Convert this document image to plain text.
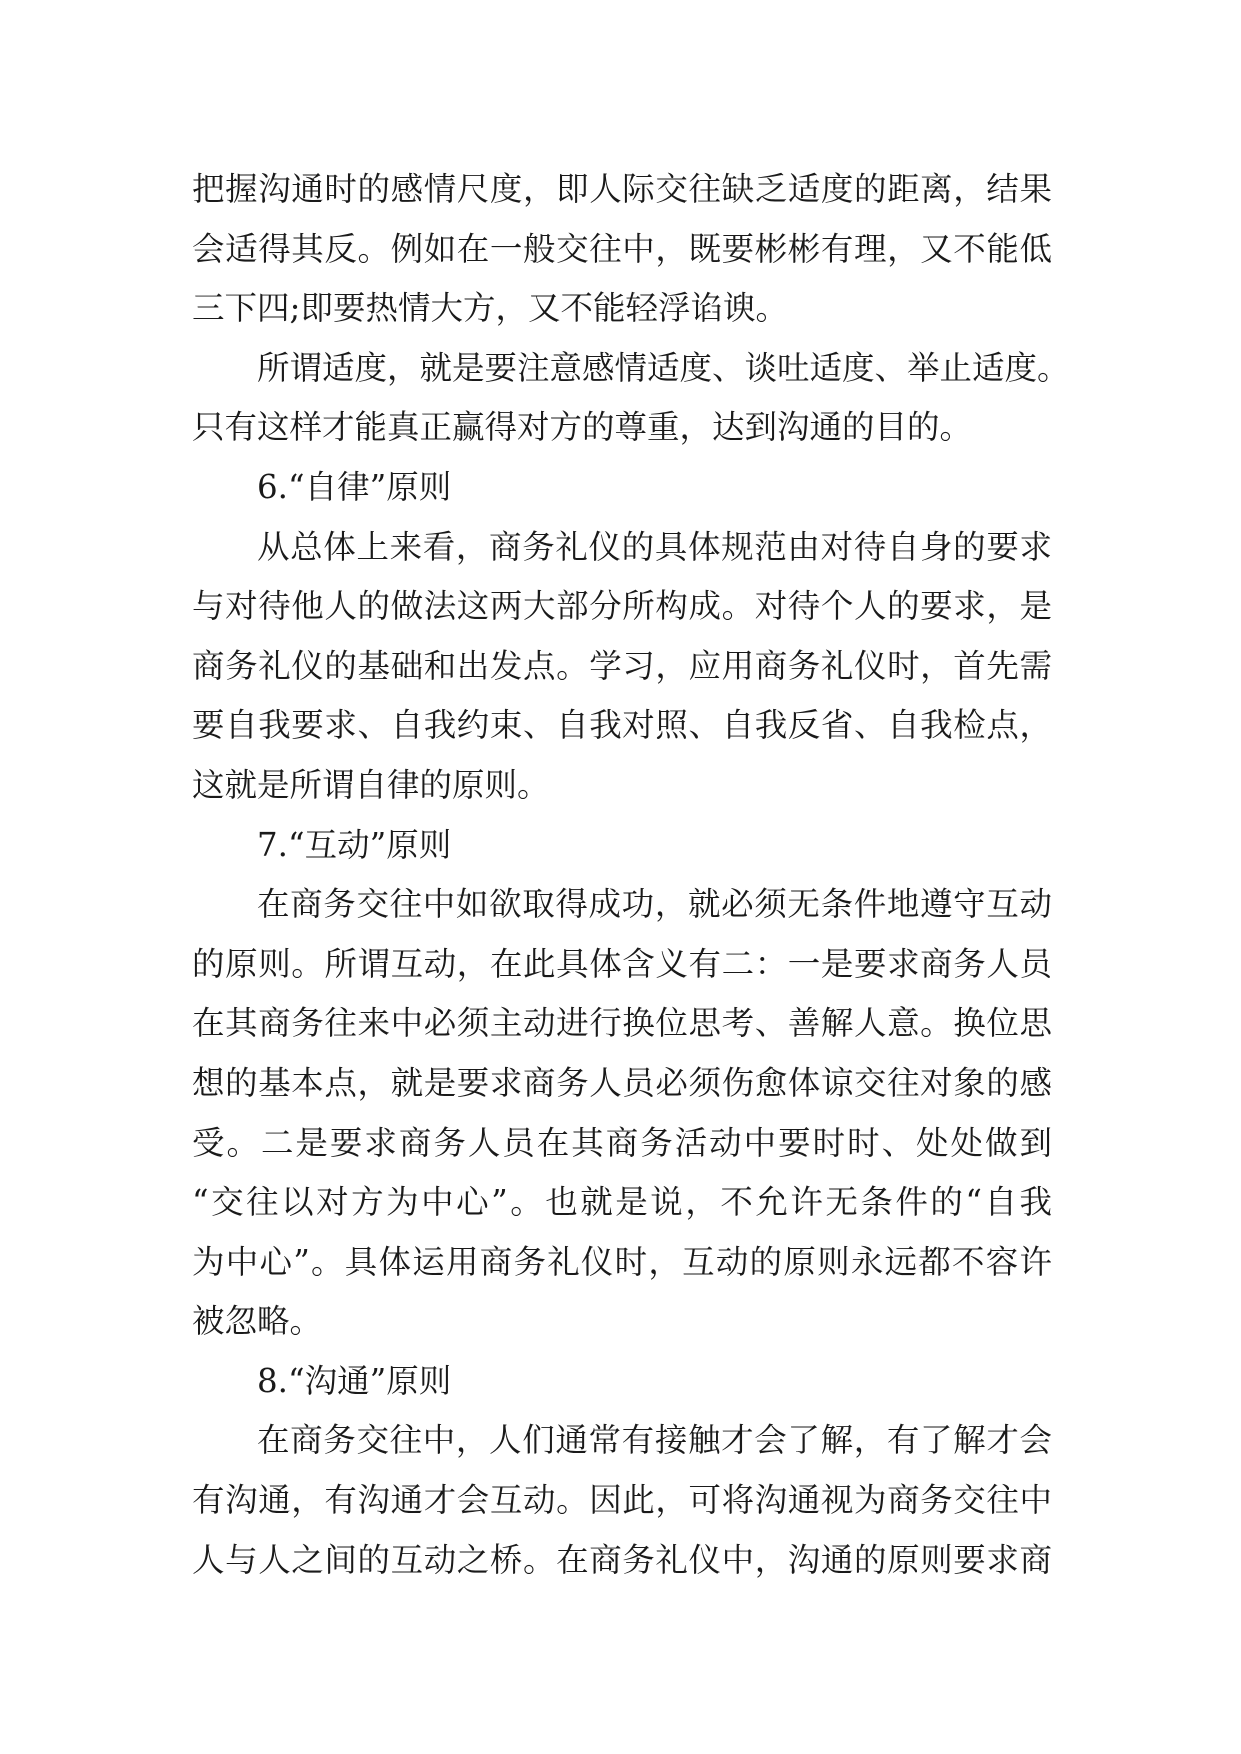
把握沟通时的感情尺度，即人际交往缺乏适度的距离，结果
会适得其反。例如在一般交往中，既要彬彬有理，又不能低
三下四;即要热情大方，又不能轻浮谄谀。
所谓适度，就是要注意感情适度、谈吐适度、举止适度。
只有这样才能真正赢得对方的尊重，达到沟通的目的。
6.“自律”原则
从总体上来看，商务礼仪的具体规范由对待自身的要求
与对待他人的做法这两大部分所构成。对待个人的要求，是
商务礼仪的基础和出发点。学习，应用商务礼仪时，首先需
要自我要求、自我约束、自我对照、自我反省、自我检点，
这就是所谓自律的原则。
7.“互动”原则
在商务交往中如欲取得成功，就必须无条件地遵守互动
的原则。所谓互动，在此具体含义有二：一是要求商务人员
在其商务往来中必须主动进行换位思考、善解人意。换位思
想的基本点，就是要求商务人员必须伤愈体谅交往对象的感
受。二是要求商务人员在其商务活动中要时时、处处做到
“交往以对方为中心”。也就是说，不允许无条件的“自我
为中心”。具体运用商务礼仪时，互动的原则永远都不容许
被忽略。
8.“沟通”原则
在商务交往中，人们通常有接触才会了解，有了解才会
有沟通，有沟通才会互动。因此，可将沟通视为商务交往中
人与人之间的互动之桥。在商务礼仪中，沟通的原则要求商
